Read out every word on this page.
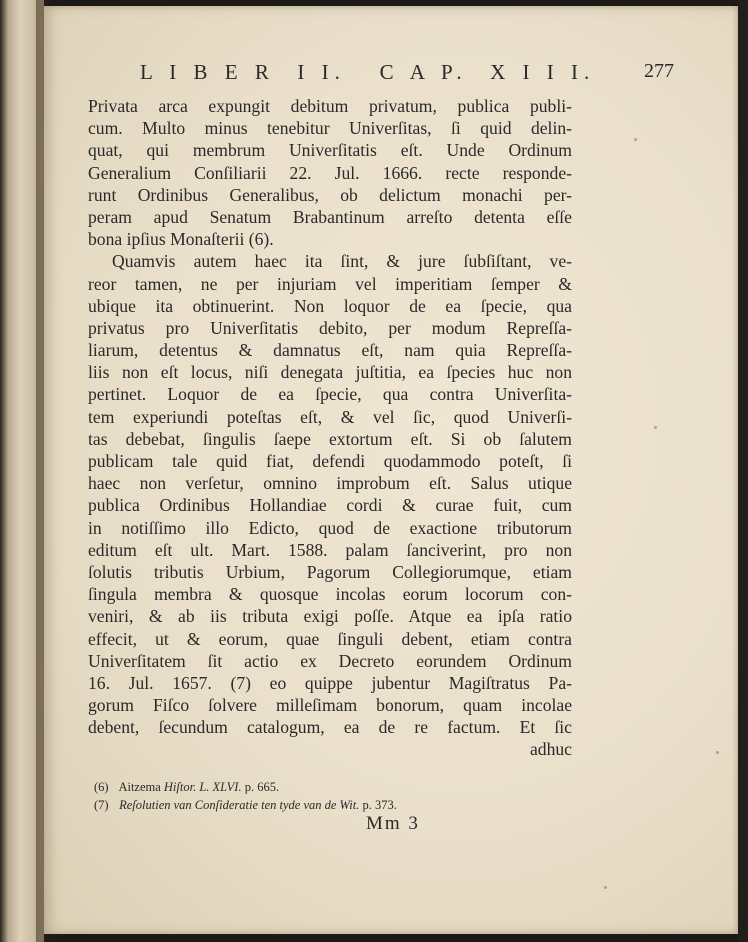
L I B E R  I I.   C A P.  X I I I. 277
Privata arca expungit debitum privatum, publica publi-
cum. Multo minus tenebitur Univerſitas, ſi quid delin-
quat, qui membrum Univerſitatis eſt. Unde Ordinum
Generalium Conſiliarii 22. Jul. 1666. recte responde-
runt Ordinibus Generalibus, ob delictum monachi per-
peram apud Senatum Brabantinum arreſto detenta eſſe
bona ipſius Monaſterii (6).
Quamvis autem haec ita ſint, & jure ſubſiſtant, ve-
reor tamen, ne per injuriam vel imperitiam ſemper &
ubique ita obtinuerint. Non loquor de ea ſpecie, qua
privatus pro Univerſitatis debito, per modum Repreſſa-
liarum, detentus & damnatus eſt, nam quia Repreſſa-
liis non eſt locus, niſi denegata juſtitia, ea ſpecies huc non
pertinet. Loquor de ea ſpecie, qua contra Univerſita-
tem experiundi poteſtas eſt, & vel ſic, quod Univerſi-
tas debebat, ſingulis ſaepe extortum eſt. Si ob ſalutem
publicam tale quid fiat, defendi quodammodo poteſt, ſi
haec non verſetur, omnino improbum eſt. Salus utique
publica Ordinibus Hollandiae cordi & curae fuit, cum
in notiſſimo illo Edicto, quod de exactione tributorum
editum eſt ult. Mart. 1588. palam ſanciverint, pro non
ſolutis tributis Urbium, Pagorum Collegiorumque, etiam
ſingula membra & quosque incolas eorum locorum con-
veniri, & ab iis tributa exigi poſſe. Atque ea ipſa ratio
effecit, ut & eorum, quae ſinguli debent, etiam contra
Univerſitatem ſit actio ex Decreto eorundem Ordinum
16. Jul. 1657. (7) eo quippe jubentur Magiſtratus Pa-
gorum Fiſco ſolvere milleſimam bonorum, quam incolae
debent, ſecundum catalogum, ea de re factum. Et ſic
adhuc
(6) Aitzema Hiſtor. L. XLVI. p. 665.
(7) Reſolutien van Conſideratie ten tyde van de Wit. p. 373.
Mm 3
